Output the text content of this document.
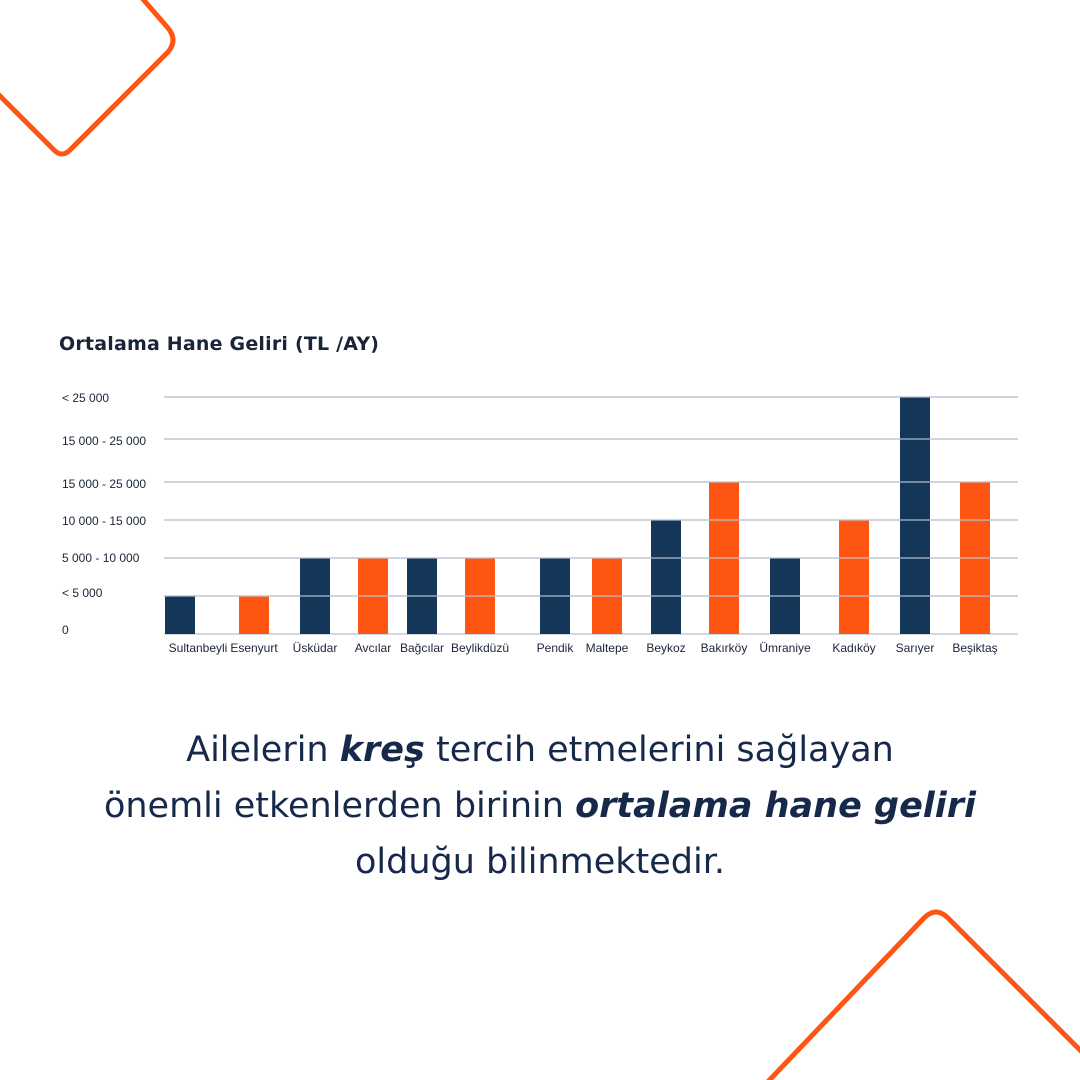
Ortalama Hane Geliri (TL /AY)
0
< 5 000
5 000 - 10 000
10 000 - 15 000
15 000 - 25 000
15 000 - 25 000
< 25 000
Sultanbeyli Esenyurt Üsküdar Avcılar Bağcılar Beylikdüzü Pendik Maltepe Beykoz Bakırköy Ümraniye Kadıköy Sarıyer Beşiktaş

Ailelerin kreş tercih etmelerini sağlayan
önemli etkenlerden birinin ortalama hane geliri
olduğu bilinmektedir.
